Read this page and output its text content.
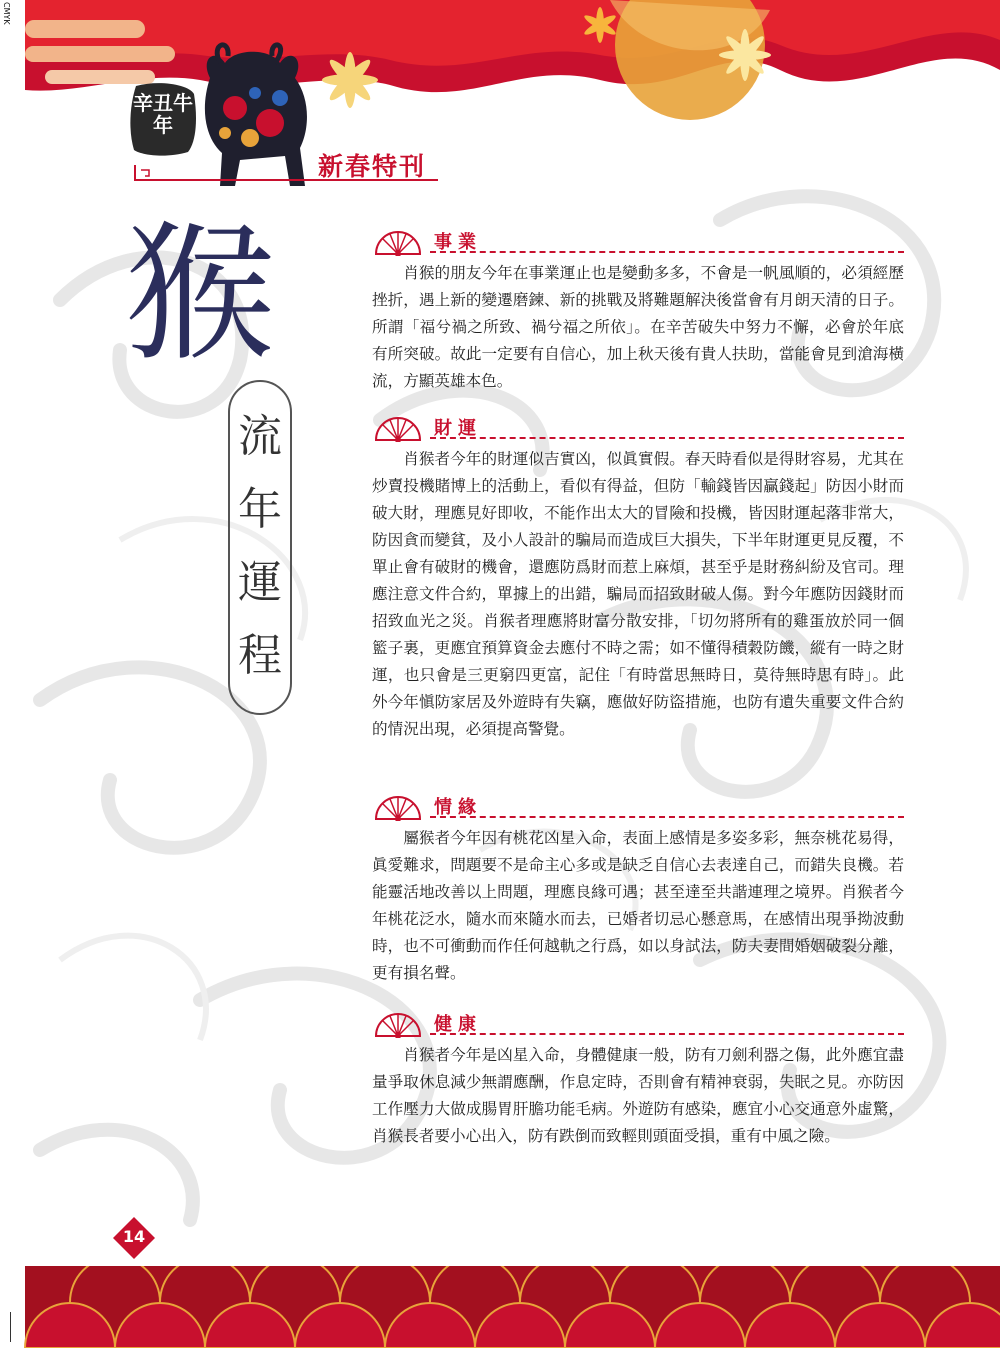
CMYK
辛丑牛年
新春特刊
猴
流
年
運
程
事業

肖猴的朋友今年在事業運止也是變動多多，不會是一帆風順的，必須經歷挫折，遇上新的變遷磨鍊、新的挑戰及將難題解決後當會有月朗天清的日子。所謂「福兮禍之所致、禍兮福之所依」。在辛苦破失中努力不懈，必會於年底有所突破。故此一定要有自信心，加上秋天後有貴人扶助，當能會見到滄海橫流，方顯英雄本色。

財運

肖猴者今年的財運似吉實凶，似眞實假。春天時看似是得財容易，尤其在炒賣投機賭博上的活動上，看似有得益，但防「輸錢皆因贏錢起」防因小財而破大財，理應見好即收，不能作出太大的冒險和投機，皆因財運起落非常大，防因貪而變貧，及小人設計的騙局而造成巨大損失，下半年財運更見反覆，不單止會有破財的機會，還應防爲財而惹上麻煩，甚至乎是財務糾紛及官司。理應注意文件合約，單據上的出錯，騙局而招致財破人傷。對今年應防因錢財而招致血光之災。肖猴者理應將財富分散安排，「切勿將所有的雞蛋放於同一個籃子裏，更應宜預算資金去應付不時之需；如不懂得積穀防饑，縱有一時之財運，也只會是三更窮四更富，記住「有時當思無時日，莫待無時思有時」。此外今年愼防家居及外遊時有失竊，應做好防盜措施，也防有遺失重要文件合約的情況出現，必須提高警覺。

情緣

屬猴者今年因有桃花凶星入命，表面上感情是多姿多彩，無奈桃花易得，眞愛難求，問題要不是命主心多或是缺乏自信心去表達自己，而錯失良機。若能靈活地改善以上問題，理應良緣可遇；甚至達至共諧連理之境界。肖猴者今年桃花泛水，隨水而來隨水而去，已婚者切忌心懸意馬，在感情出現爭拗波動時，也不可衝動而作任何越軌之行爲，如以身試法，防夫妻間婚姻破裂分離，更有損名聲。

健康

肖猴者今年是凶星入命，身體健康一般，防有刀劍利器之傷，此外應宜盡量爭取休息減少無謂應酬，作息定時，否則會有精神衰弱，失眠之見。亦防因工作壓力大做成腸胃肝膽功能毛病。外遊防有感染，應宜小心交通意外虛驚，肖猴長者要小心出入，防有跌倒而致輕則頭面受損，重有中風之險。

14
